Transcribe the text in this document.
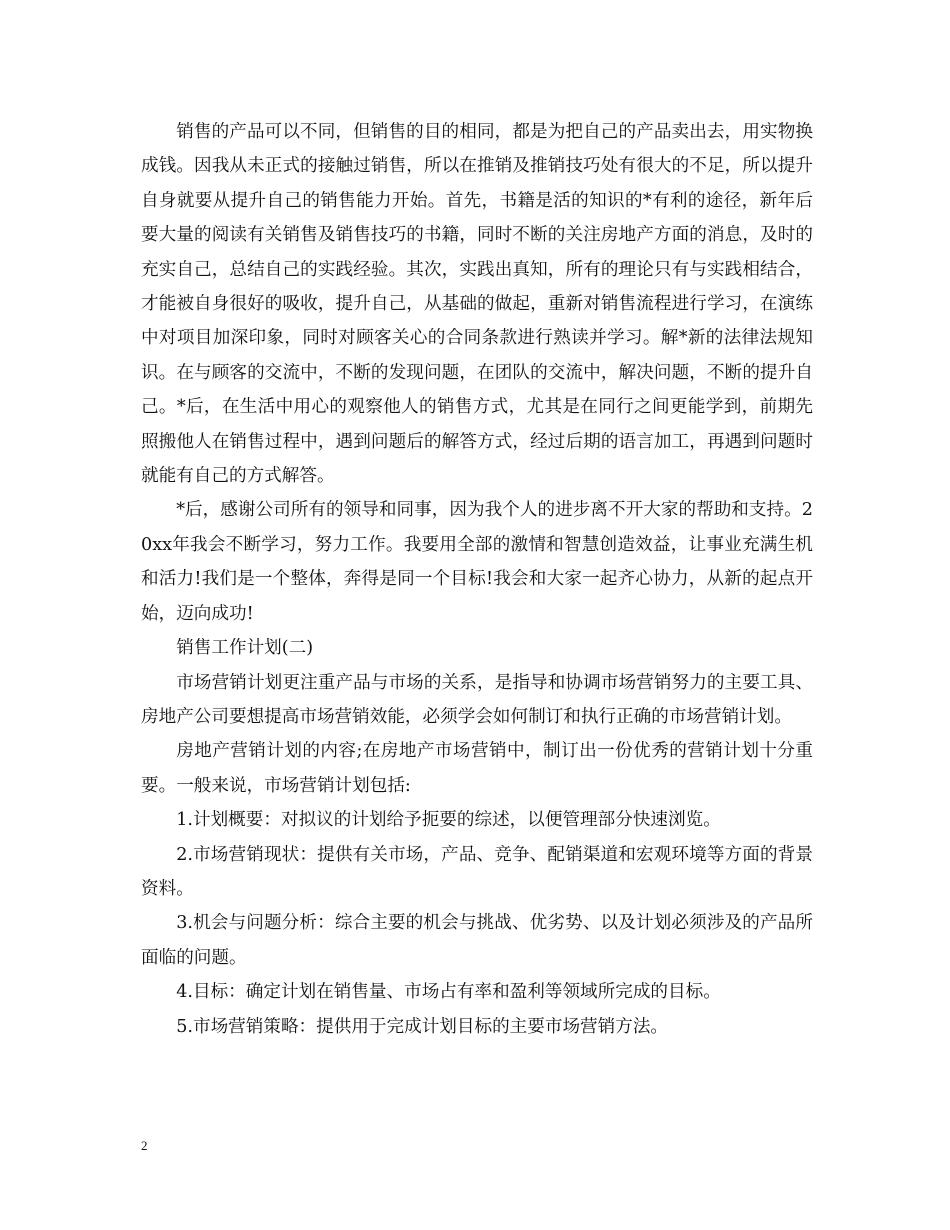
销售的产品可以不同，但销售的目的相同，都是为把自己的产品卖出去，用实物换成钱。因我从未正式的接触过销售，所以在推销及推销技巧处有很大的不足，所以提升自身就要从提升自己的销售能力开始。首先，书籍是活的知识的*有利的途径，新年后要大量的阅读有关销售及销售技巧的书籍，同时不断的关注房地产方面的消息，及时的充实自己，总结自己的实践经验。其次，实践出真知，所有的理论只有与实践相结合，才能被自身很好的吸收，提升自己，从基础的做起，重新对销售流程进行学习，在演练中对项目加深印象，同时对顾客关心的合同条款进行熟读并学习。解*新的法律法规知识。在与顾客的交流中，不断的发现问题，在团队的交流中，解决问题，不断的提升自己。*后，在生活中用心的观察他人的销售方式，尤其是在同行之间更能学到，前期先照搬他人在销售过程中，遇到问题后的解答方式，经过后期的语言加工，再遇到问题时就能有自己的方式解答。

*后，感谢公司所有的领导和同事，因为我个人的进步离不开大家的帮助和支持。20xx年我会不断学习，努力工作。我要用全部的激情和智慧创造效益，让事业充满生机和活力!我们是一个整体，奔得是同一个目标!我会和大家一起齐心协力，从新的起点开始，迈向成功!

销售工作计划(二)

市场营销计划更注重产品与市场的关系，是指导和协调市场营销努力的主要工具、房地产公司要想提高市场营销效能，必须学会如何制订和执行正确的市场营销计划。

房地产营销计划的内容;在房地产市场营销中，制订出一份优秀的营销计划十分重要。一般来说，市场营销计划包括:

1.计划概要：对拟议的计划给予扼要的综述，以便管理部分快速浏览。

2.市场营销现状：提供有关市场，产品、竞争、配销渠道和宏观环境等方面的背景资料。

3.机会与问题分析：综合主要的机会与挑战、优劣势、以及计划必须涉及的产品所面临的问题。

4.目标：确定计划在销售量、市场占有率和盈利等领域所完成的目标。

5.市场营销策略：提供用于完成计划目标的主要市场营销方法。

2
